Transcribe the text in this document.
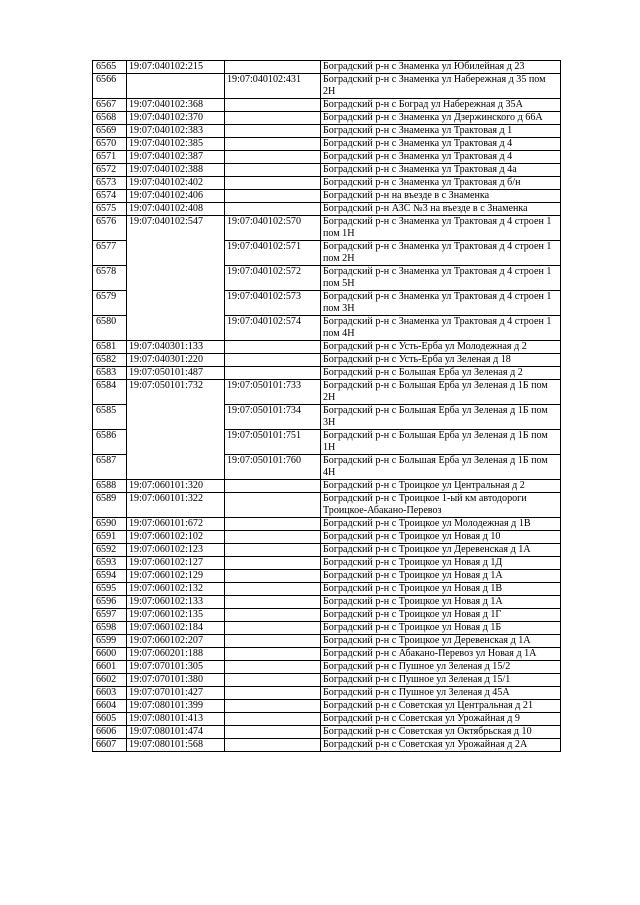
6565	19:07:040102:215		Боградский р-н с Знаменка ул Юбилейная д 23
6566		19:07:040102:431	Боградский р-н с Знаменка ул Набережная д 35 пом 2Н
6567	19:07:040102:368		Боградский р-н с Боград ул Набережная д 35А
6568	19:07:040102:370		Боградский р-н с Знаменка ул Дзержинского д 66А
6569	19:07:040102:383		Боградский р-н с Знаменка ул Трактовая д 1
6570	19:07:040102:385		Боградский р-н с Знаменка ул Трактовая д 4
6571	19:07:040102:387		Боградский р-н с Знаменка ул Трактовая д 4
6572	19:07:040102:388		Боградский р-н с Знаменка ул Трактовая д 4а
6573	19:07:040102:402		Боградский р-н с Знаменка ул Трактовая д б/н
6574	19:07:040102:406		Боградский р-н на въезде в с Знаменка
6575	19:07:040102:408		Боградский р-н АЗС №3 на въезде в с Знаменка
6576	19:07:040102:547	19:07:040102:570	Боградский р-н с Знаменка ул Трактовая д 4 строен 1 пом 1Н
6577		19:07:040102:571	Боградский р-н с Знаменка ул Трактовая д 4 строен 1 пом 2Н
6578		19:07:040102:572	Боградский р-н с Знаменка ул Трактовая д 4 строен 1 пом 5Н
6579		19:07:040102:573	Боградский р-н с Знаменка ул Трактовая д 4 строен 1 пом 3Н
6580		19:07:040102:574	Боградский р-н с Знаменка ул Трактовая д 4 строен 1 пом 4Н
6581	19:07:040301:133		Боградский р-н с Усть-Ерба ул Молодежная д 2
6582	19:07:040301:220		Боградский р-н с Усть-Ерба ул Зеленая д 18
6583	19:07:050101:487		Боградский р-н с Большая Ерба ул Зеленая д 2
6584	19:07:050101:732	19:07:050101:733	Боградский р-н с Большая Ерба ул Зеленая д 1Б пом 2Н
6585		19:07:050101:734	Боградский р-н с Большая Ерба ул Зеленая д 1Б пом 3Н
6586		19:07:050101:751	Боградский р-н с Большая Ерба ул Зеленая д 1Б пом 1Н
6587		19:07:050101:760	Боградский р-н с Большая Ерба ул Зеленая д 1Б пом 4Н
6588	19:07:060101:320		Боградский р-н с Троицкое ул Центральная д 2
6589	19:07:060101:322		Боградский р-н с Троицкое 1-ый км автодороги Троицкое-Абакано-Перевоз
6590	19:07:060101:672		Боградский р-н с Троицкое ул Молодежная д 1В
6591	19:07:060102:102		Боградский р-н с Троицкое ул Новая д 10
6592	19:07:060102:123		Боградский р-н с Троицкое ул Деревенская д 1А
6593	19:07:060102:127		Боградский р-н с Троицкое ул Новая д 1Д
6594	19:07:060102:129		Боградский р-н с Троицкое ул Новая д 1А
6595	19:07:060102:132		Боградский р-н с Троицкое ул Новая д 1В
6596	19:07:060102:133		Боградский р-н с Троицкое ул Новая д 1А
6597	19:07:060102:135		Боградский р-н с Троицкое ул Новая д 1Г
6598	19:07:060102:184		Боградский р-н с Троицкое ул Новая д 1Б
6599	19:07:060102:207		Боградский р-н с Троицкое ул Деревенская д 1А
6600	19:07:060201:188		Боградский р-н с Абакано-Перевоз ул Новая д 1А
6601	19:07:070101:305		Боградский р-н с Пушное ул Зеленая д 15/2
6602	19:07:070101:380		Боградский р-н с Пушное ул Зеленая д 15/1
6603	19:07:070101:427		Боградский р-н с Пушное ул Зеленая д 45А
6604	19:07:080101:399		Боградский р-н с Советская ул Центральная д 21
6605	19:07:080101:413		Боградский р-н с Советская ул Урожайная д 9
6606	19:07:080101:474		Боградский р-н с Советская ул Октябрьская д 10
6607	19:07:080101:568		Боградский р-н с Советская ул Урожайная д 2А
